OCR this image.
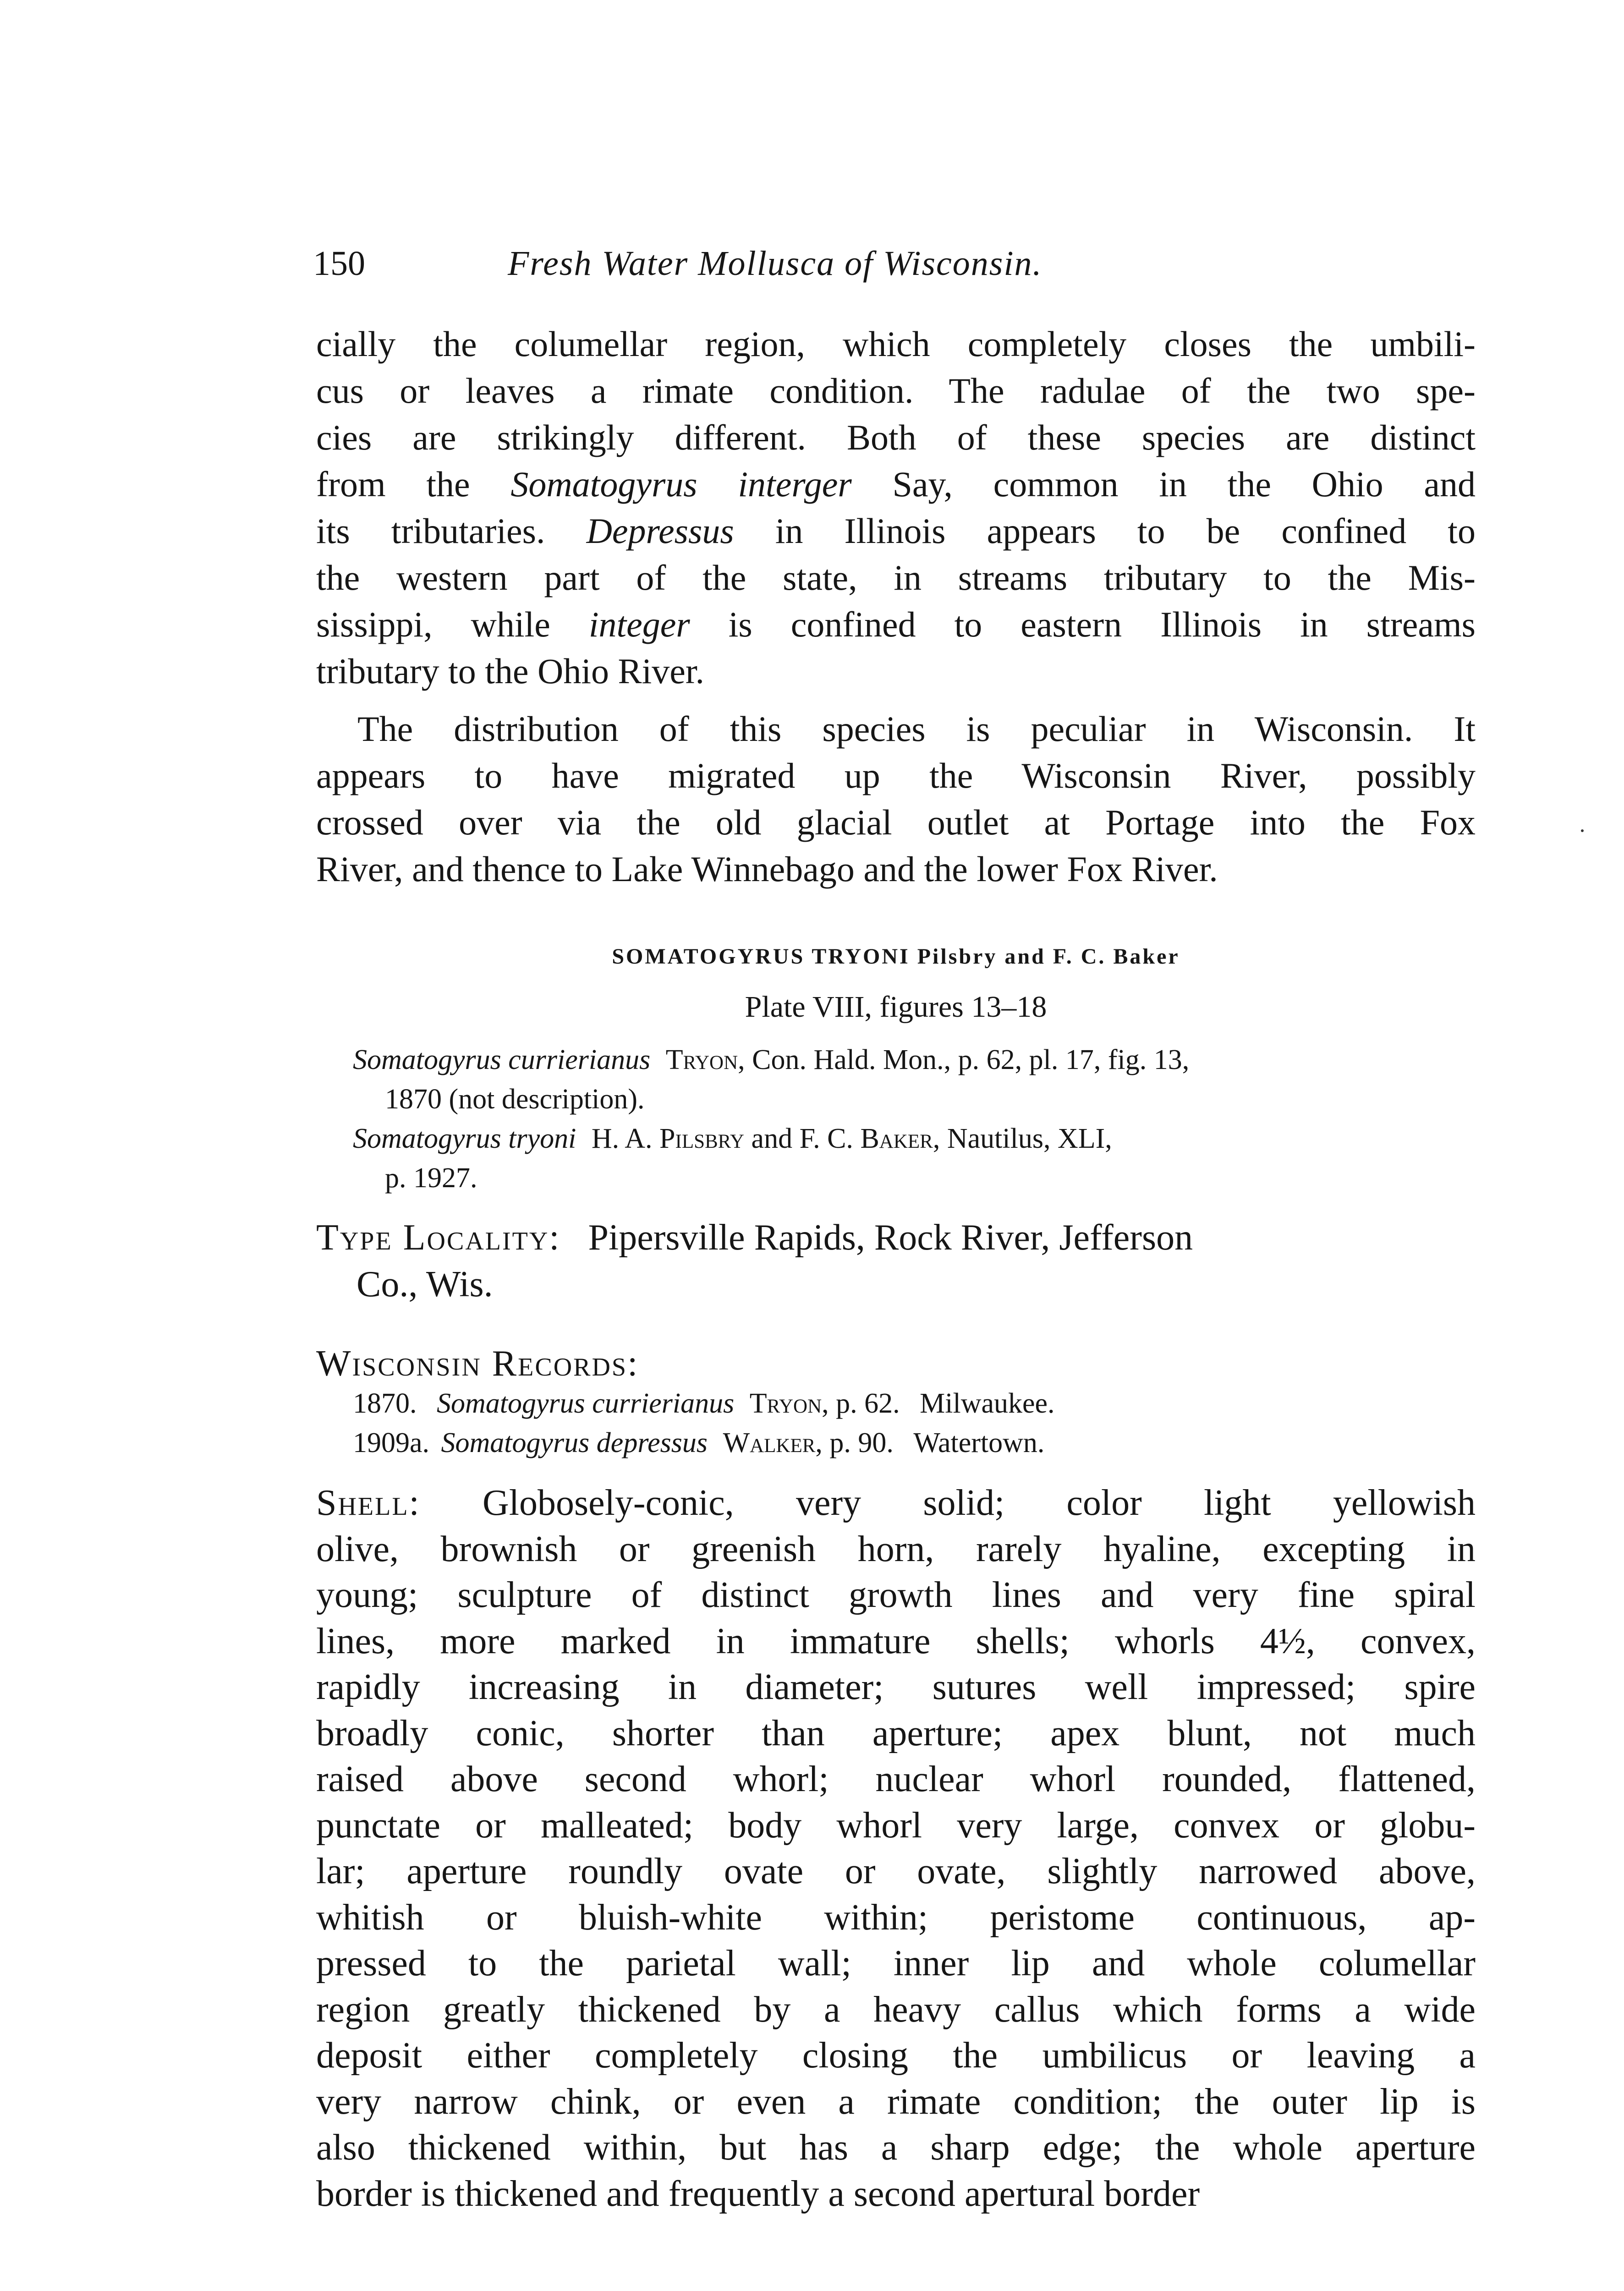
150	Fresh Water Mollusca of Wisconsin.
cially the columellar region, which completely closes the umbili-
cus or leaves a rimate condition. The radulae of the two spe-
cies are strikingly different. Both of these species are distinct
from the Somatogyrus interger Say, common in the Ohio and
its tributaries. Depressus in Illinois appears to be confined to
the western part of the state, in streams tributary to the Mis-
sissippi, while integer is confined to eastern Illinois in streams
tributary to the Ohio River.
The distribution of this species is peculiar in Wisconsin. It
appears to have migrated up the Wisconsin River, possibly
crossed over via the old glacial outlet at Portage into the Fox
River, and thence to Lake Winnebago and the lower Fox River.
SOMATOGYRUS TRYONI Pilsbry and F. C. Baker
Plate VIII, figures 13–18
Somatogyrus currierianus Tryon, Con. Hald. Mon., p. 62, pl. 17, fig. 13,
1870 (not description).
Somatogyrus tryoni H. A. Pilsbry and F. C. Baker, Nautilus, XLI,
p. 1927.
Type Locality: Pipersville Rapids, Rock River, Jefferson
Co., Wis.
Wisconsin Records:
1870. Somatogyrus currierianus Tryon, p. 62. Milwaukee.
1909a. Somatogyrus depressus Walker, p. 90. Watertown.
Shell: Globosely-conic, very solid; color light yellowish
olive, brownish or greenish horn, rarely hyaline, excepting in
young; sculpture of distinct growth lines and very fine spiral
lines, more marked in immature shells; whorls 4½, convex,
rapidly increasing in diameter; sutures well impressed; spire
broadly conic, shorter than aperture; apex blunt, not much
raised above second whorl; nuclear whorl rounded, flattened,
punctate or malleated; body whorl very large, convex or globu-
lar; aperture roundly ovate or ovate, slightly narrowed above,
whitish or bluish-white within; peristome continuous, ap-
pressed to the parietal wall; inner lip and whole columellar
region greatly thickened by a heavy callus which forms a wide
deposit either completely closing the umbilicus or leaving a
very narrow chink, or even a rimate condition; the outer lip is
also thickened within, but has a sharp edge; the whole aperture
border is thickened and frequently a second apertural border
